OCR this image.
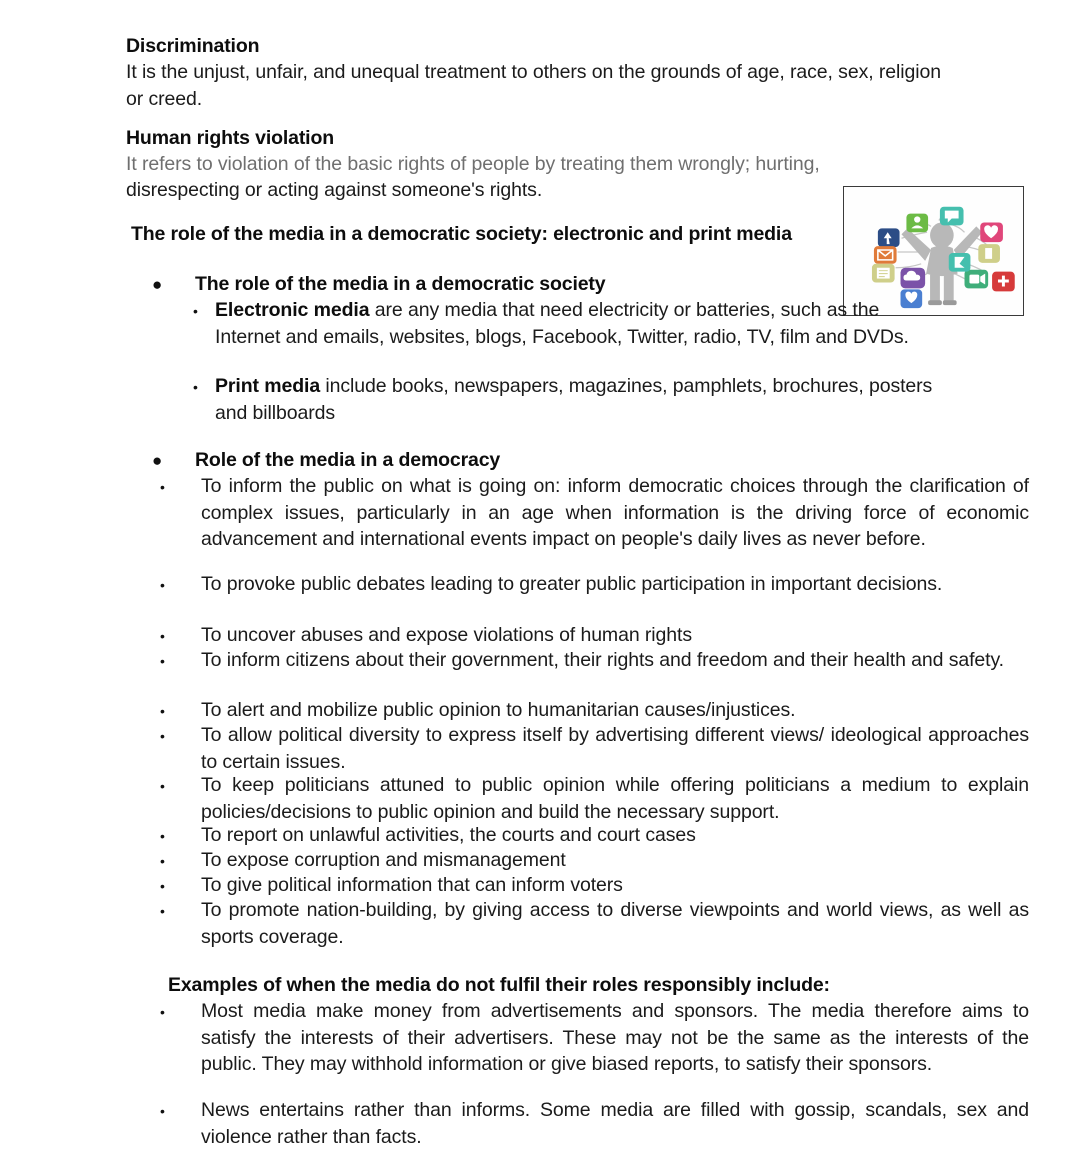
Discrimination
It is the unjust, unfair, and unequal treatment to others on the grounds of age, race, sex, religion or creed.
Human rights violation
It refers to violation of the basic rights of people by treating them wrongly; hurting,
disrespecting or acting against someone's rights.
The role of the media in a democratic society: electronic and print media
● The role of the media in a democratic society
• Electronic media are any media that need electricity or batteries, such as the Internet and emails, websites, blogs, Facebook, Twitter, radio, TV, film and DVDs.
• Print media include books, newspapers, magazines, pamphlets, brochures, posters and billboards
● Role of the media in a democracy
• To inform the public on what is going on: inform democratic choices through the clarification of complex issues, particularly in an age when information is the driving force of economic advancement and international events impact on people's daily lives as never before.
• To provoke public debates leading to greater public participation in important decisions.
• To uncover abuses and expose violations of human rights
• To inform citizens about their government, their rights and freedom and their health and safety.
• To alert and mobilize public opinion to humanitarian causes/injustices.
• To allow political diversity to express itself by advertising different views/ ideological approaches to certain issues.
• To keep politicians attuned to public opinion while offering politicians a medium to explain policies/decisions to public opinion and build the necessary support.
• To report on unlawful activities, the courts and court cases
• To expose corruption and mismanagement
• To give political information that can inform voters
• To promote nation-building, by giving access to diverse viewpoints and world views, as well as sports coverage.
Examples of when the media do not fulfil their roles responsibly include:
• Most media make money from advertisements and sponsors. The media therefore aims to satisfy the interests of their advertisers. These may not be the same as the interests of the public. They may withhold information or give biased reports, to satisfy their sponsors.
• News entertains rather than informs. Some media are filled with gossip, scandals, sex and violence rather than facts.
